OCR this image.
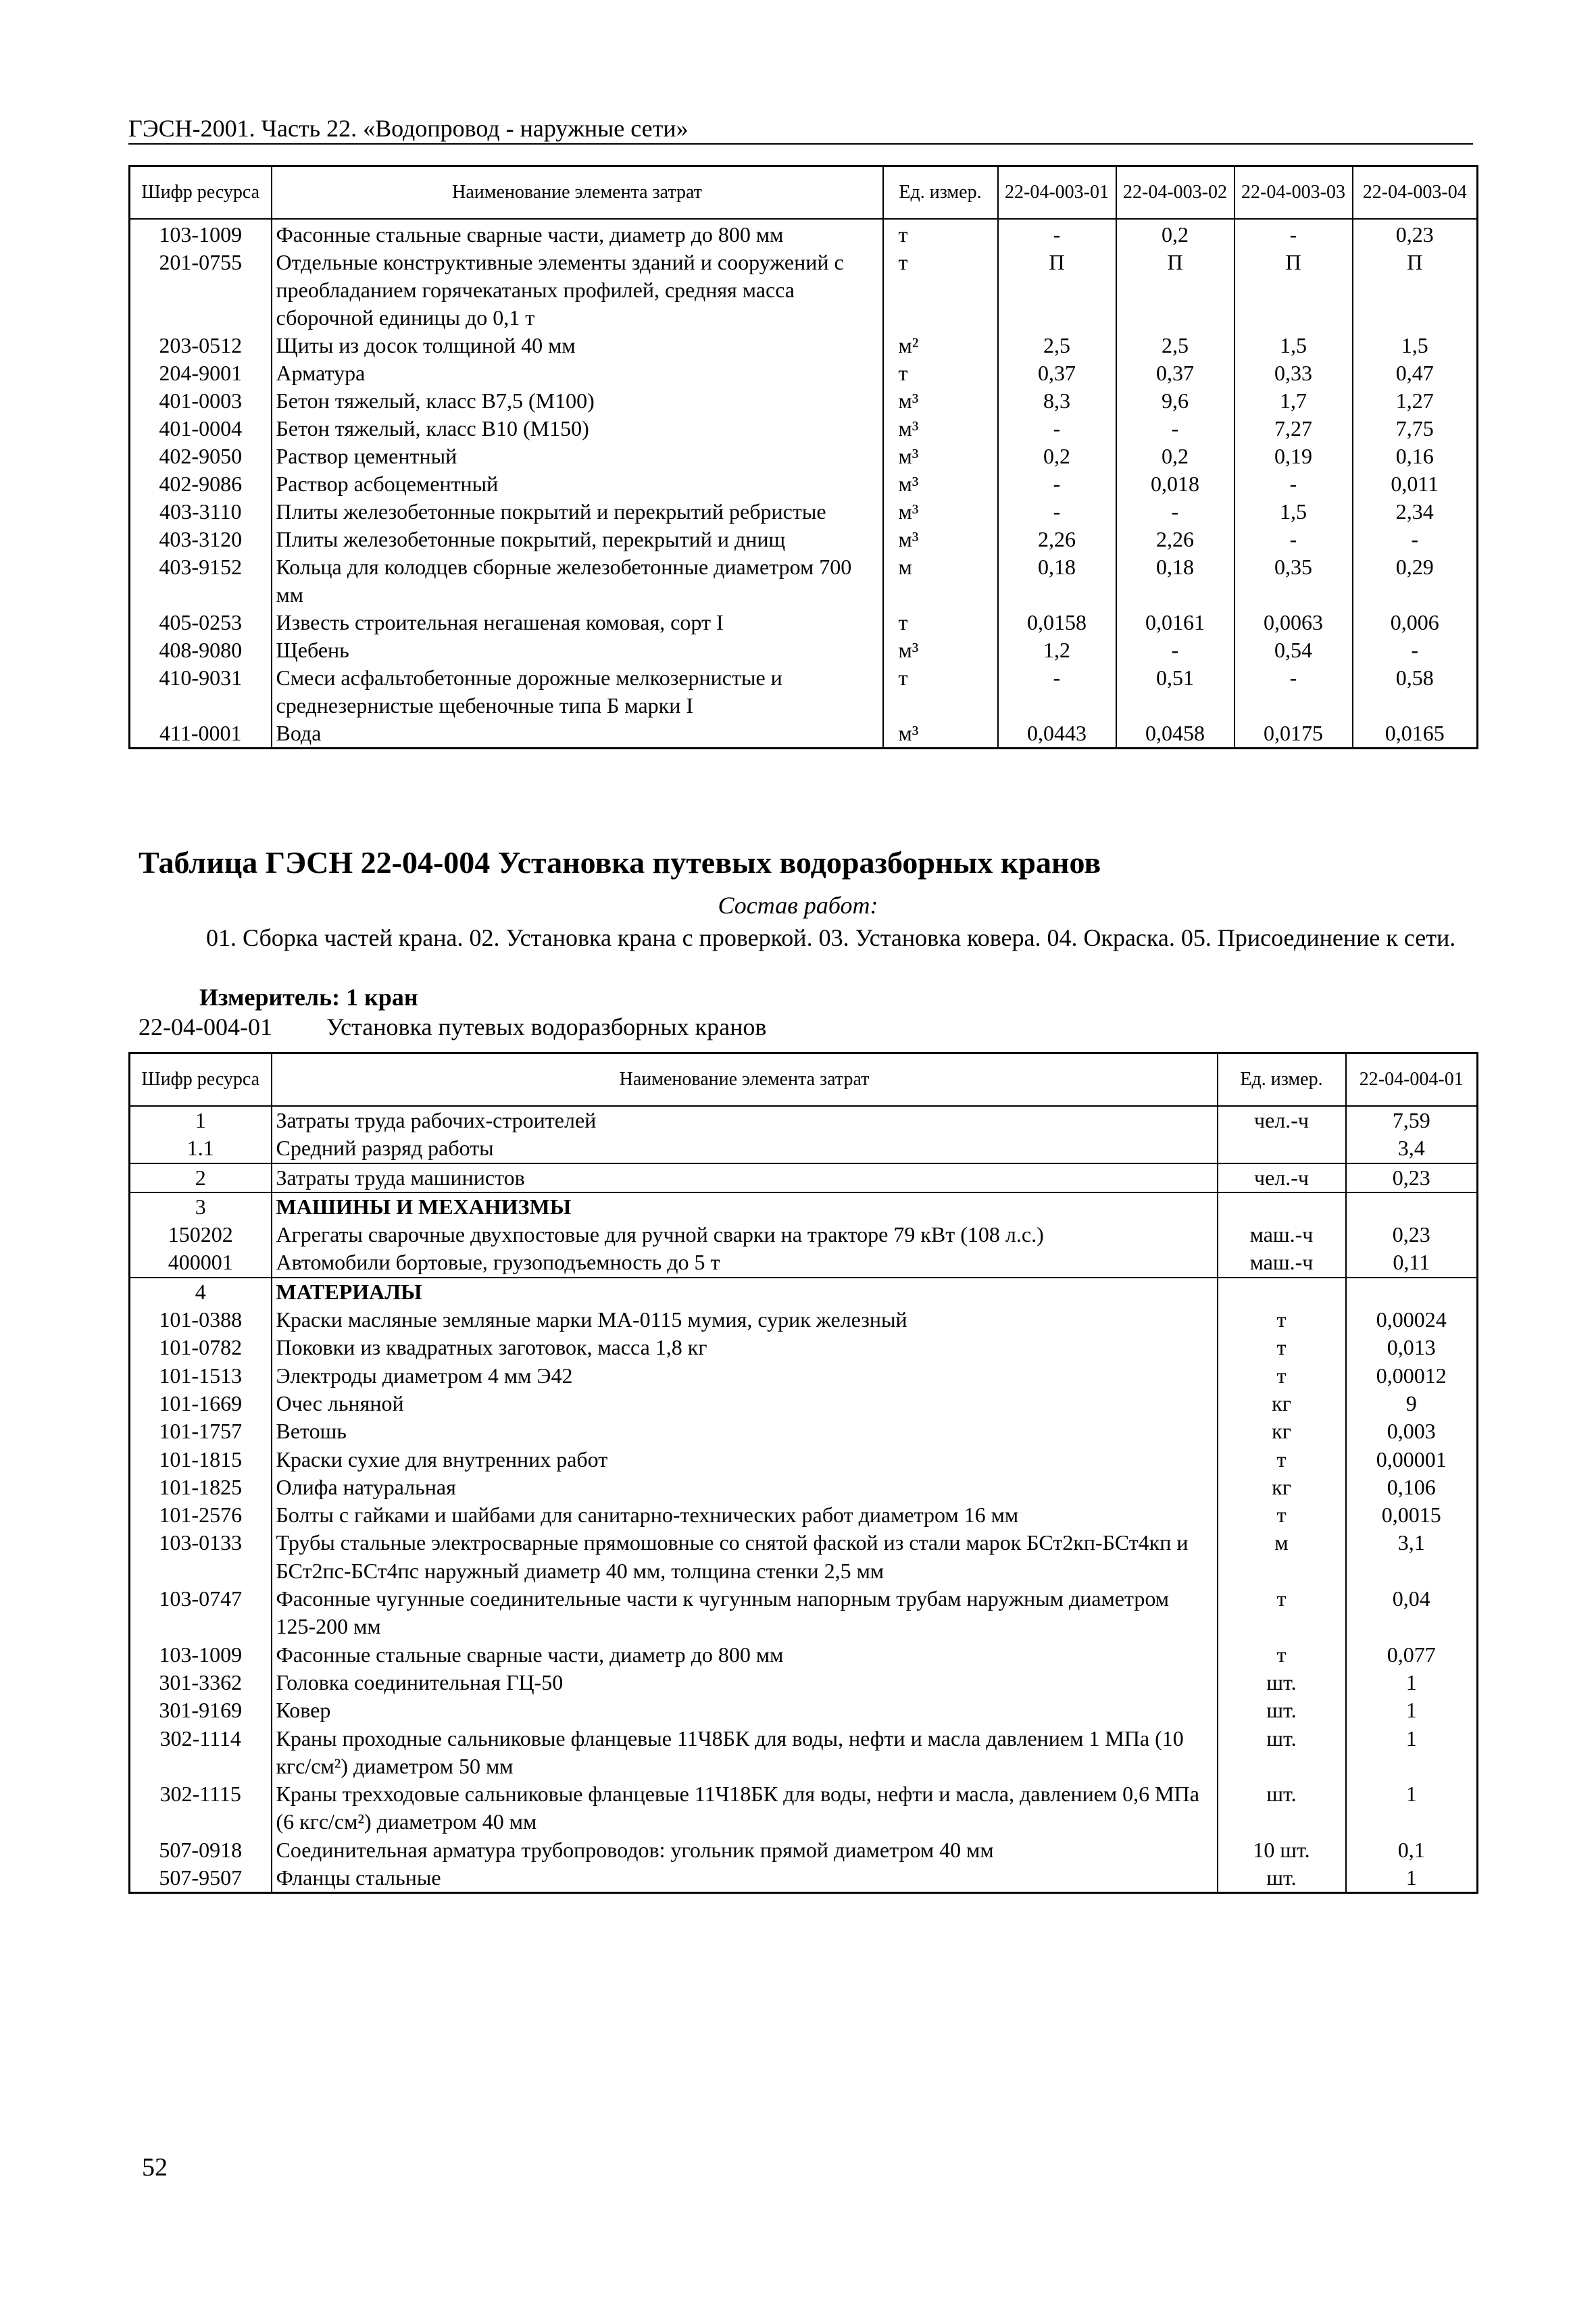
ГЭСН-2001. Часть 22. «Водопровод - наружные сети»
Шифр ресурса	Наименование элемента затрат	Ед. измер.	22-04-003-01	22-04-003-02	22-04-003-03	22-04-003-04
103-1009	Фасонные стальные сварные части, диаметр до 800 мм	т	-	0,2	-	0,23
201-0755	Отдельные конструктивные элементы зданий и сооружений с преобладанием горячекатаных профилей, средняя масса сборочной единицы до 0,1 т	т	П	П	П	П
203-0512	Щиты из досок толщиной 40 мм	м²	2,5	2,5	1,5	1,5
204-9001	Арматура	т	0,37	0,37	0,33	0,47
401-0003	Бетон тяжелый, класс В7,5 (М100)	м³	8,3	9,6	1,7	1,27
401-0004	Бетон тяжелый, класс В10 (М150)	м³	-	-	7,27	7,75
402-9050	Раствор цементный	м³	0,2	0,2	0,19	0,16
402-9086	Раствор асбоцементный	м³	-	0,018	-	0,011
403-3110	Плиты железобетонные покрытий и перекрытий ребристые	м³	-	-	1,5	2,34
403-3120	Плиты железобетонные покрытий, перекрытий и днищ	м³	2,26	2,26	-	-
403-9152	Кольца для колодцев сборные железобетонные диаметром 700 мм	м	0,18	0,18	0,35	0,29
405-0253	Известь строительная негашеная комовая, сорт I	т	0,0158	0,0161	0,0063	0,006
408-9080	Щебень	м³	1,2	-	0,54	-
410-9031	Смеси асфальтобетонные дорожные мелкозернистые и среднезернистые щебеночные типа Б марки I	т	-	0,51	-	0,58
411-0001	Вода	м³	0,0443	0,0458	0,0175	0,0165
Таблица ГЭСН 22-04-004 Установка путевых водоразборных кранов
Состав работ:
01. Сборка частей крана. 02. Установка крана с проверкой. 03. Установка ковера. 04. Окраска. 05. Присоединение к сети.
Измеритель: 1 кран
22-04-004-01 Установка путевых водоразборных кранов
Шифр ресурса	Наименование элемента затрат	Ед. измер.	22-04-004-01
1	Затраты труда рабочих-строителей	чел.-ч	7,59
1.1	Средний разряд работы		3,4
2	Затраты труда машинистов	чел.-ч	0,23
3	МАШИНЫ И МЕХАНИЗМЫ		
150202	Агрегаты сварочные двухпостовые для ручной сварки на тракторе 79 кВт (108 л.с.)	маш.-ч	0,23
400001	Автомобили бортовые, грузоподъемность до 5 т	маш.-ч	0,11
4	МАТЕРИАЛЫ		
101-0388	Краски масляные земляные марки МА-0115 мумия, сурик железный	т	0,00024
101-0782	Поковки из квадратных заготовок, масса 1,8 кг	т	0,013
101-1513	Электроды диаметром 4 мм Э42	т	0,00012
101-1669	Очес льняной	кг	9
101-1757	Ветошь	кг	0,003
101-1815	Краски сухие для внутренних работ	т	0,00001
101-1825	Олифа натуральная	кг	0,106
101-2576	Болты с гайками и шайбами для санитарно-технических работ диаметром 16 мм	т	0,0015
103-0133	Трубы стальные электросварные прямошовные со снятой фаской из стали марок БСт2кп-БСт4кп и БСт2пс-БСт4пс наружный диаметр 40 мм, толщина стенки 2,5 мм	м	3,1
103-0747	Фасонные чугунные соединительные части к чугунным напорным трубам наружным диаметром 125-200 мм	т	0,04
103-1009	Фасонные стальные сварные части, диаметр до 800 мм	т	0,077
301-3362	Головка соединительная ГЦ-50	шт.	1
301-9169	Ковер	шт.	1
302-1114	Краны проходные сальниковые фланцевые 11Ч8БК для воды, нефти и масла давлением 1 МПа (10 кгс/см²) диаметром 50 мм	шт.	1
302-1115	Краны трехходовые сальниковые фланцевые 11Ч18БК для воды, нефти и масла, давлением 0,6 МПа (6 кгс/см²) диаметром 40 мм	шт.	1
507-0918	Соединительная арматура трубопроводов: угольник прямой диаметром 40 мм	10 шт.	0,1
507-9507	Фланцы стальные	шт.	1
52
